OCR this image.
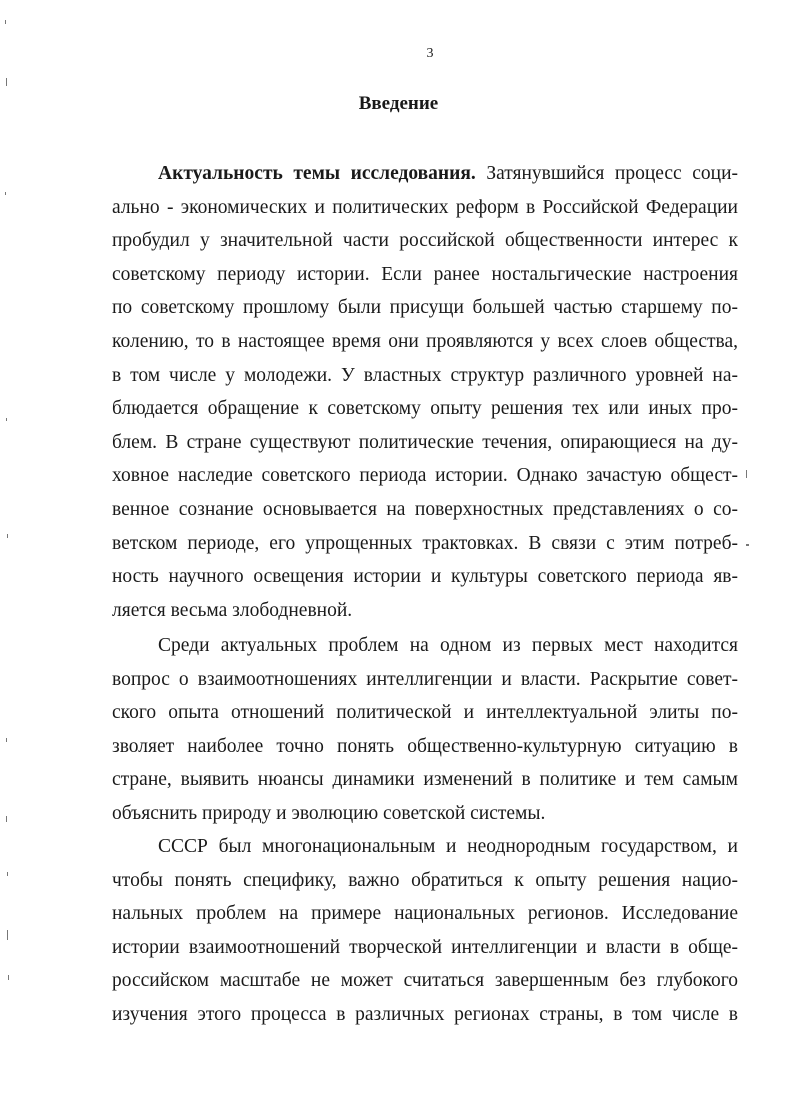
3
Введение
Актуальность темы исследования. Затянувшийся процесс соци-
ально - экономических и политических реформ в Российской Федерации
пробудил у значительной части российской общественности интерес к
советскому периоду истории. Если ранее ностальгические настроения
по советскому прошлому были присущи большей частью старшему по-
колению, то в настоящее время они проявляются у всех слоев общества,
в том числе у молодежи. У властных структур различного уровней на-
блюдается обращение к советскому опыту решения тех или иных про-
блем. В стране существуют политические течения, опирающиеся на ду-
ховное наследие советского периода истории. Однако зачастую общест-
венное сознание основывается на поверхностных представлениях о со-
ветском периоде, его упрощенных трактовках. В связи с этим потреб-
ность научного освещения истории и культуры советского периода яв-
ляется весьма злободневной.
Среди актуальных проблем на одном из первых мест находится
вопрос о взаимоотношениях интеллигенции и власти. Раскрытие совет-
ского опыта отношений политической и интеллектуальной элиты по-
зволяет наиболее точно понять общественно-культурную ситуацию в
стране, выявить нюансы динамики изменений в политике и тем самым
объяснить природу и эволюцию советской системы.
СССР был многонациональным и неоднородным государством, и
чтобы понять специфику, важно обратиться к опыту решения нацио-
нальных проблем на примере национальных регионов. Исследование
истории взаимоотношений творческой интеллигенции и власти в обще-
российском масштабе не может считаться завершенным без глубокого
изучения этого процесса в различных регионах страны, в том числе в
